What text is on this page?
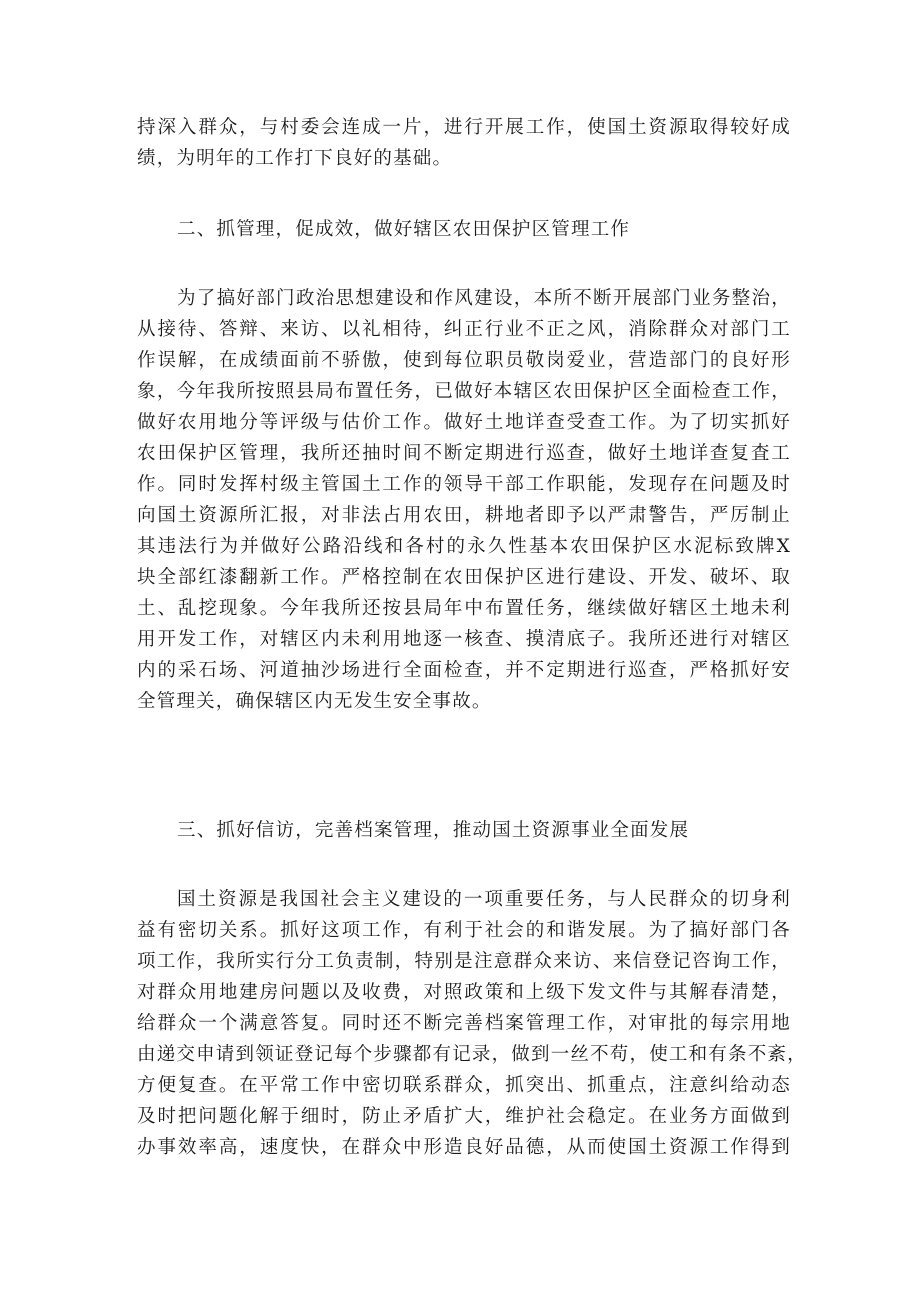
持深入群众，与村委会连成一片，进行开展工作，使国土资源取得较好成
绩，为明年的工作打下良好的基础。

二、抓管理，促成效，做好辖区农田保护区管理工作

为了搞好部门政治思想建设和作风建设，本所不断开展部门业务整治，
从接待、答辩、来访、以礼相待，纠正行业不正之风，消除群众对部门工
作误解，在成绩面前不骄傲，使到每位职员敬岗爱业，营造部门的良好形
象，今年我所按照县局布置任务，已做好本辖区农田保护区全面检查工作，
做好农用地分等评级与估价工作。做好土地详查受查工作。为了切实抓好
农田保护区管理，我所还抽时间不断定期进行巡查，做好土地详查复査工
作。同时发挥村级主管国土工作的领导干部工作职能，发现存在问题及时
向国土资源所汇报，对非法占用农田，耕地者即予以严肃警告，严厉制止
其违法行为并做好公路沿线和各村的永久性基本农田保护区水泥标致牌X
块全部红漆翻新工作。严格控制在农田保护区进行建设、开发、破坏、取
土、乱挖现象。今年我所还按县局年中布置任务，继续做好辖区土地未利
用开发工作，对辖区内未利用地逐一核查、摸清底子。我所还进行对辖区
内的采石场、河道抽沙场进行全面检查，并不定期进行巡查，严格抓好安
全管理关，确保辖区内无发生安全事故。

三、抓好信访，完善档案管理，推动国土资源事业全面发展

国土资源是我国社会主义建设的一项重要任务，与人民群众的切身利
益有密切关系。抓好这项工作，有利于社会的和谐发展。为了搞好部门各
项工作，我所实行分工负责制，特别是注意群众来访、来信登记咨询工作，
对群众用地建房问题以及收费，对照政策和上级下发文件与其解春清楚，
给群众一个满意答复。同时还不断完善档案管理工作，对审批的每宗用地
由递交申请到领证登记每个步骤都有记录，做到一丝不苟，使工和有条不紊，
方便复查。在平常工作中密切联系群众，抓突出、抓重点，注意纠给动态
及时把问题化解于细时，防止矛盾扩大，维护社会稳定。在业务方面做到
办事效率高，速度快，在群众中形造良好品德，从而使国土资源工作得到
